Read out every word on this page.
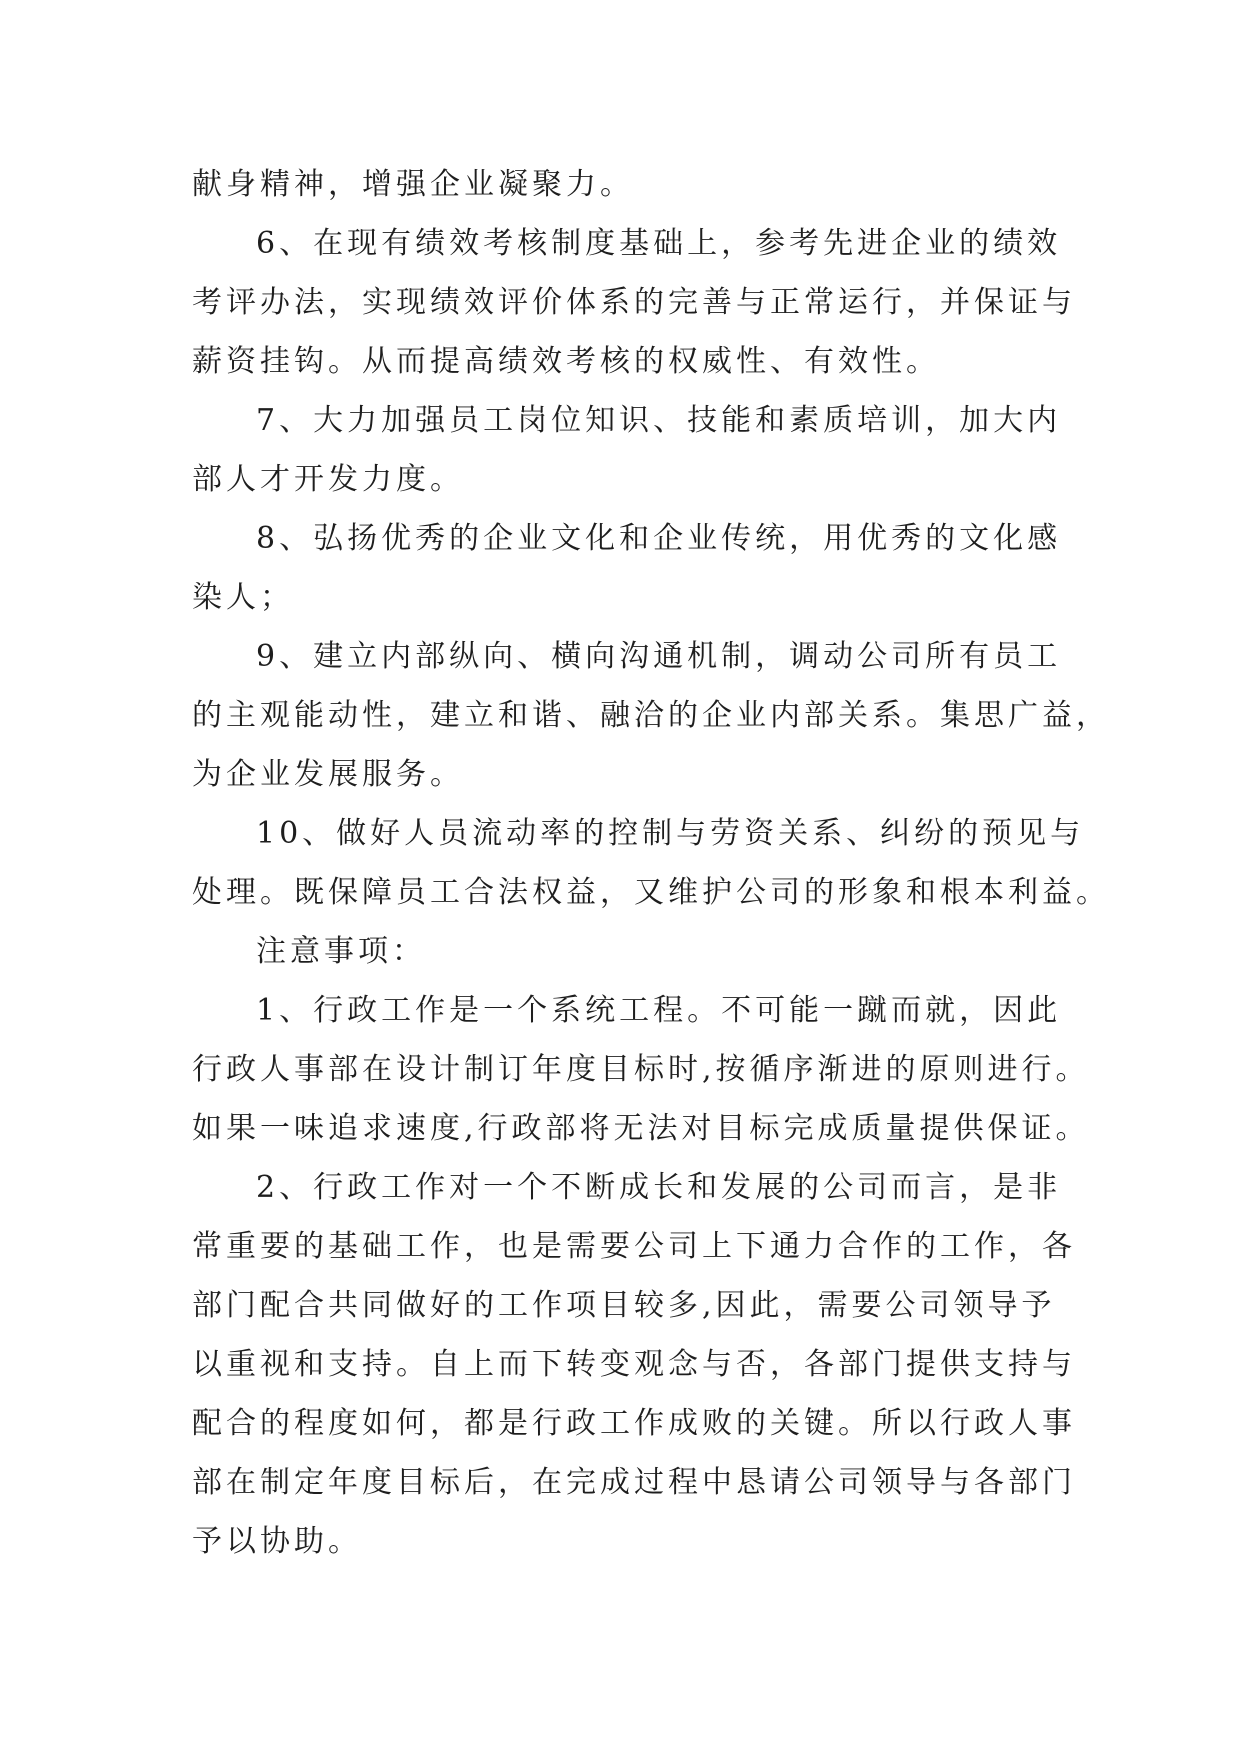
献身精神，增强企业凝聚力。
6、在现有绩效考核制度基础上，参考先进企业的绩效
考评办法，实现绩效评价体系的完善与正常运行，并保证与
薪资挂钩。从而提高绩效考核的权威性、有效性。
7、大力加强员工岗位知识、技能和素质培训，加大内
部人才开发力度。
8、弘扬优秀的企业文化和企业传统，用优秀的文化感
染人；
9、建立内部纵向、横向沟通机制，调动公司所有员工
的主观能动性，建立和谐、融洽的企业内部关系。集思广益，
为企业发展服务。
10、做好人员流动率的控制与劳资关系、纠纷的预见与
处理。既保障员工合法权益，又维护公司的形象和根本利益。
注意事项：
1、行政工作是一个系统工程。不可能一蹴而就，因此
行政人事部在设计制订年度目标时,按循序渐进的原则进行。
如果一味追求速度,行政部将无法对目标完成质量提供保证。
2、行政工作对一个不断成长和发展的公司而言，是非
常重要的基础工作，也是需要公司上下通力合作的工作，各
部门配合共同做好的工作项目较多,因此，需要公司领导予
以重视和支持。自上而下转变观念与否，各部门提供支持与
配合的程度如何，都是行政工作成败的关键。所以行政人事
部在制定年度目标后，在完成过程中恳请公司领导与各部门
予以协助。
